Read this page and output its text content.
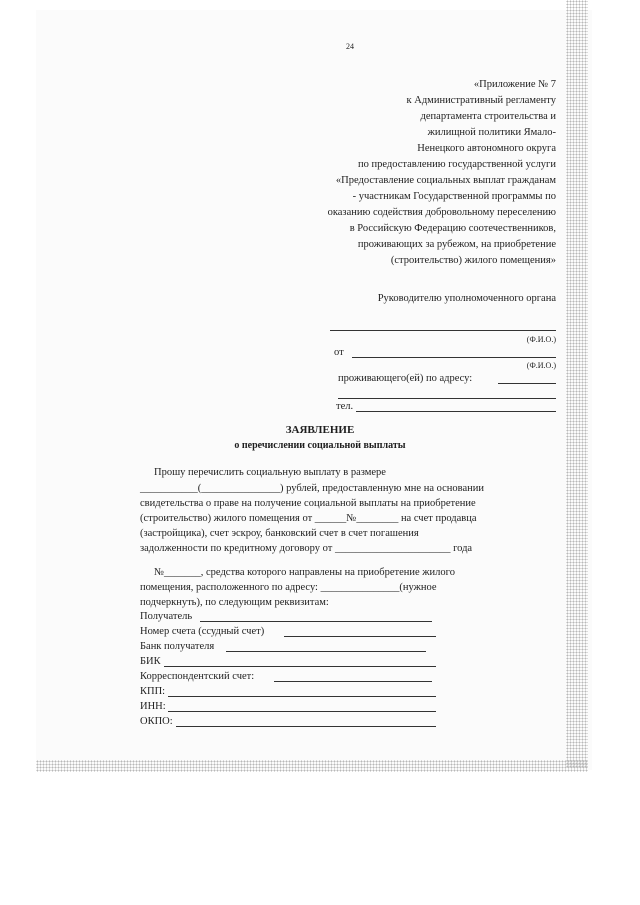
24
«Приложение № 7
к Административный регламенту
департамента строительства и
жилищной политики Ямало-
Ненецкого автономного округа
по предоставлению государственной услуги
«Предоставление социальных выплат гражданам
- участникам Государственной программы по
оказанию содействия добровольному переселению
в Российскую Федерацию соотечественников,
проживающих за рубежом, на приобретение
(строительство) жилого помещения»
Руководителю уполномоченного органа
(Ф.И.О.)
от
(Ф.И.О.)
проживающего(ей) по адресу:
тел.
ЗАЯВЛЕНИЕ
о перечислении социальной выплаты
Прошу перечислить социальную выплату в размере
___________(_______________) рублей, предоставленную мне на основании
свидетельства о праве на получение социальной выплаты на приобретение
(строительство) жилого помещения от ______№________ на счет продавца
(застройщика), счет эскроу, банковский счет в счет погашения
задолженности по кредитному договору от ______________________ года
№_______, средства которого направлены на приобретение жилого
помещения, расположенного по адресу: _______________(нужное
подчеркнуть), по следующим реквизитам:
Получатель
Номер счета (ссудный счет)
Банк получателя
БИК
Корреспондентский счет:
КПП:
ИНН:
ОКПО:
